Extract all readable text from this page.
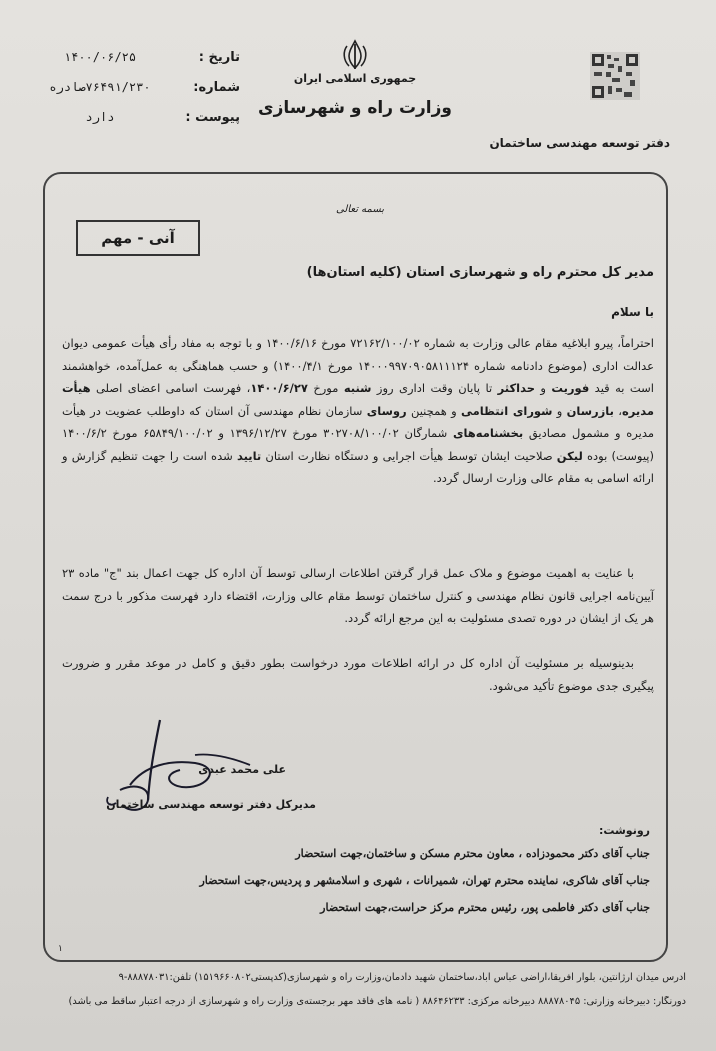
تاریخ :
۱۴۰۰/۰۶/۲۵
شماره:
۷۶۴۹۱/۲۳۰صادره
پیوست :
دارد
جمهوری اسلامی ایران
وزارت راه و شهرسازی
دفتر توسعه مهندسی ساختمان
بسمه تعالی
آنی - مهم
مدیر کل محترم راه و شهرسازی استان (کلیه استان‌ها)
با سلام
احتراماً، پیرو ابلاغیه مقام عالی وزارت به شماره ۷۲۱۶۲/۱۰۰/۰۲ مورخ ۱۴۰۰/۶/۱۶ و با توجه به مفاد رأی هیأت عمومی دیوان عدالت اداری (موضوع دادنامه شماره ۱۴۰۰۰۹۹۷۰۹۰۵۸۱۱۱۲۴ مورخ ۱۴۰۰/۴/۱) و حسب هماهنگی به عمل‌آمده، خواهشمند است به قید فوریت و حداکثر تا پایان وقت اداری روز شنبه مورخ ۱۴۰۰/۶/۲۷، فهرست اسامی اعضای اصلی هیأت مدیره، بازرسان و شورای انتظامی و همچنین روسای سازمان نظام مهندسی آن استان که داوطلب عضویت در هیأت مدیره و مشمول مصادیق بخشنامه‌های شمارگان ۳۰۲۷۰۸/۱۰۰/۰۲ مورخ ۱۳۹۶/۱۲/۲۷ و ۶۵۸۴۹/۱۰۰/۰۲ مورخ ۱۴۰۰/۶/۲ (پیوست) بوده لیکن صلاحیت ایشان توسط هیأت اجرایی و دستگاه نظارت استان تایید شده است را جهت تنظیم گزارش و ارائه اسامی به مقام عالی وزارت ارسال گردد.
با عنایت به اهمیت موضوع و ملاک عمل قرار گرفتن اطلاعات ارسالی توسط آن اداره کل جهت اعمال بند "ج" ماده ۲۳ آیین‌نامه اجرایی قانون نظام مهندسی و کنترل ساختمان توسط مقام عالی وزارت، اقتضاء دارد فهرست مذکور با درج سمت هر یک از ایشان در دوره تصدی مسئولیت به این مرجع ارائه گردد.
بدینوسیله بر مسئولیت آن اداره کل در ارائه اطلاعات مورد درخواست بطور دقیق و کامل در موعد مقرر و ضرورت پیگیری جدی موضوع تأکید می‌شود.
علی محمد عبدی
مدیرکل دفتر توسعه مهندسی ساختمان
رونوشت:
جناب آقای دکتر محمودزاده ، معاون محترم مسکن و ساختمان،جهت استحضار
جناب آقای شاکری، نماینده محترم تهران، شمیرانات ، شهری و اسلامشهر و پردیس،جهت استحضار
جناب آقای دکتر فاطمی پور، رئیس محترم مرکز حراست،جهت استحضار
۱
آدرس میدان آرژانتین، بلوار آفریقا،اراضی عباس آباد،ساختمان شهید دادمان،وزارت راه و شهرسازی(کدپستی۱۵۱۹۶۶۰۸۰۲) تلفن:۸۸۸۷۸۰۳۱-۹
دورنگار: دبیرخانه وزارتی: ۸۸۸۷۸۰۴۵ دبیرخانه مرکزی: ۸۸۶۴۶۲۳۳ ( نامه های فاقد مهر برجسته‌ی وزارت راه و شهرسازی از درجه اعتبار ساقط می باشد)
